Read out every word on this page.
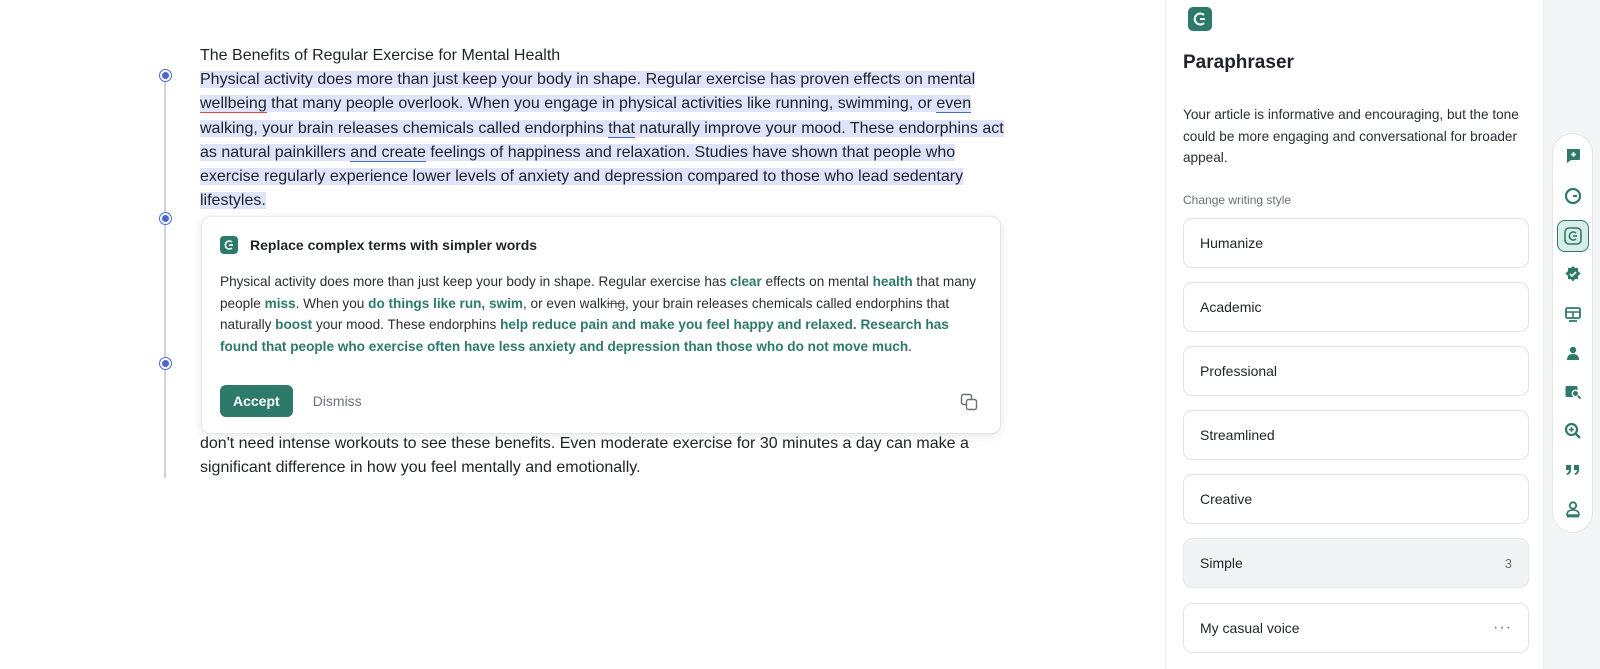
The Benefits of Regular Exercise for Mental Health
Physical activity does more than just keep your body in shape. Regular exercise has proven effects on mental wellbeing that many people overlook. When you engage in physical activities like running, swimming, or even walking, your brain releases chemicals called endorphins that naturally improve your mood. These endorphins act as natural painkillers and create feelings of happiness and relaxation. Studies have shown that people who exercise regularly experience lower levels of anxiety and depression compared to those who lead sedentary lifestyles.
don't need intense workouts to see these benefits. Even moderate exercise for 30 minutes a day can make a significant difference in how you feel mentally and emotionally.
Replace complex terms with simpler words
Physical activity does more than just keep your body in shape. Regular exercise has clear effects on mental health that many people miss. When you do things like run, swim, or even walking, your brain releases chemicals called endorphins that naturally boost your mood. These endorphins help reduce pain and make you feel happy and relaxed. Research has found that people who exercise often have less anxiety and depression than those who do not move much.
Accept	Dismiss
Paraphraser
Your article is informative and encouraging, but the tone could be more engaging and conversational for broader appeal.
Change writing style
Humanize
Academic
Professional
Streamlined
Creative
Simple	3
My casual voice	···
